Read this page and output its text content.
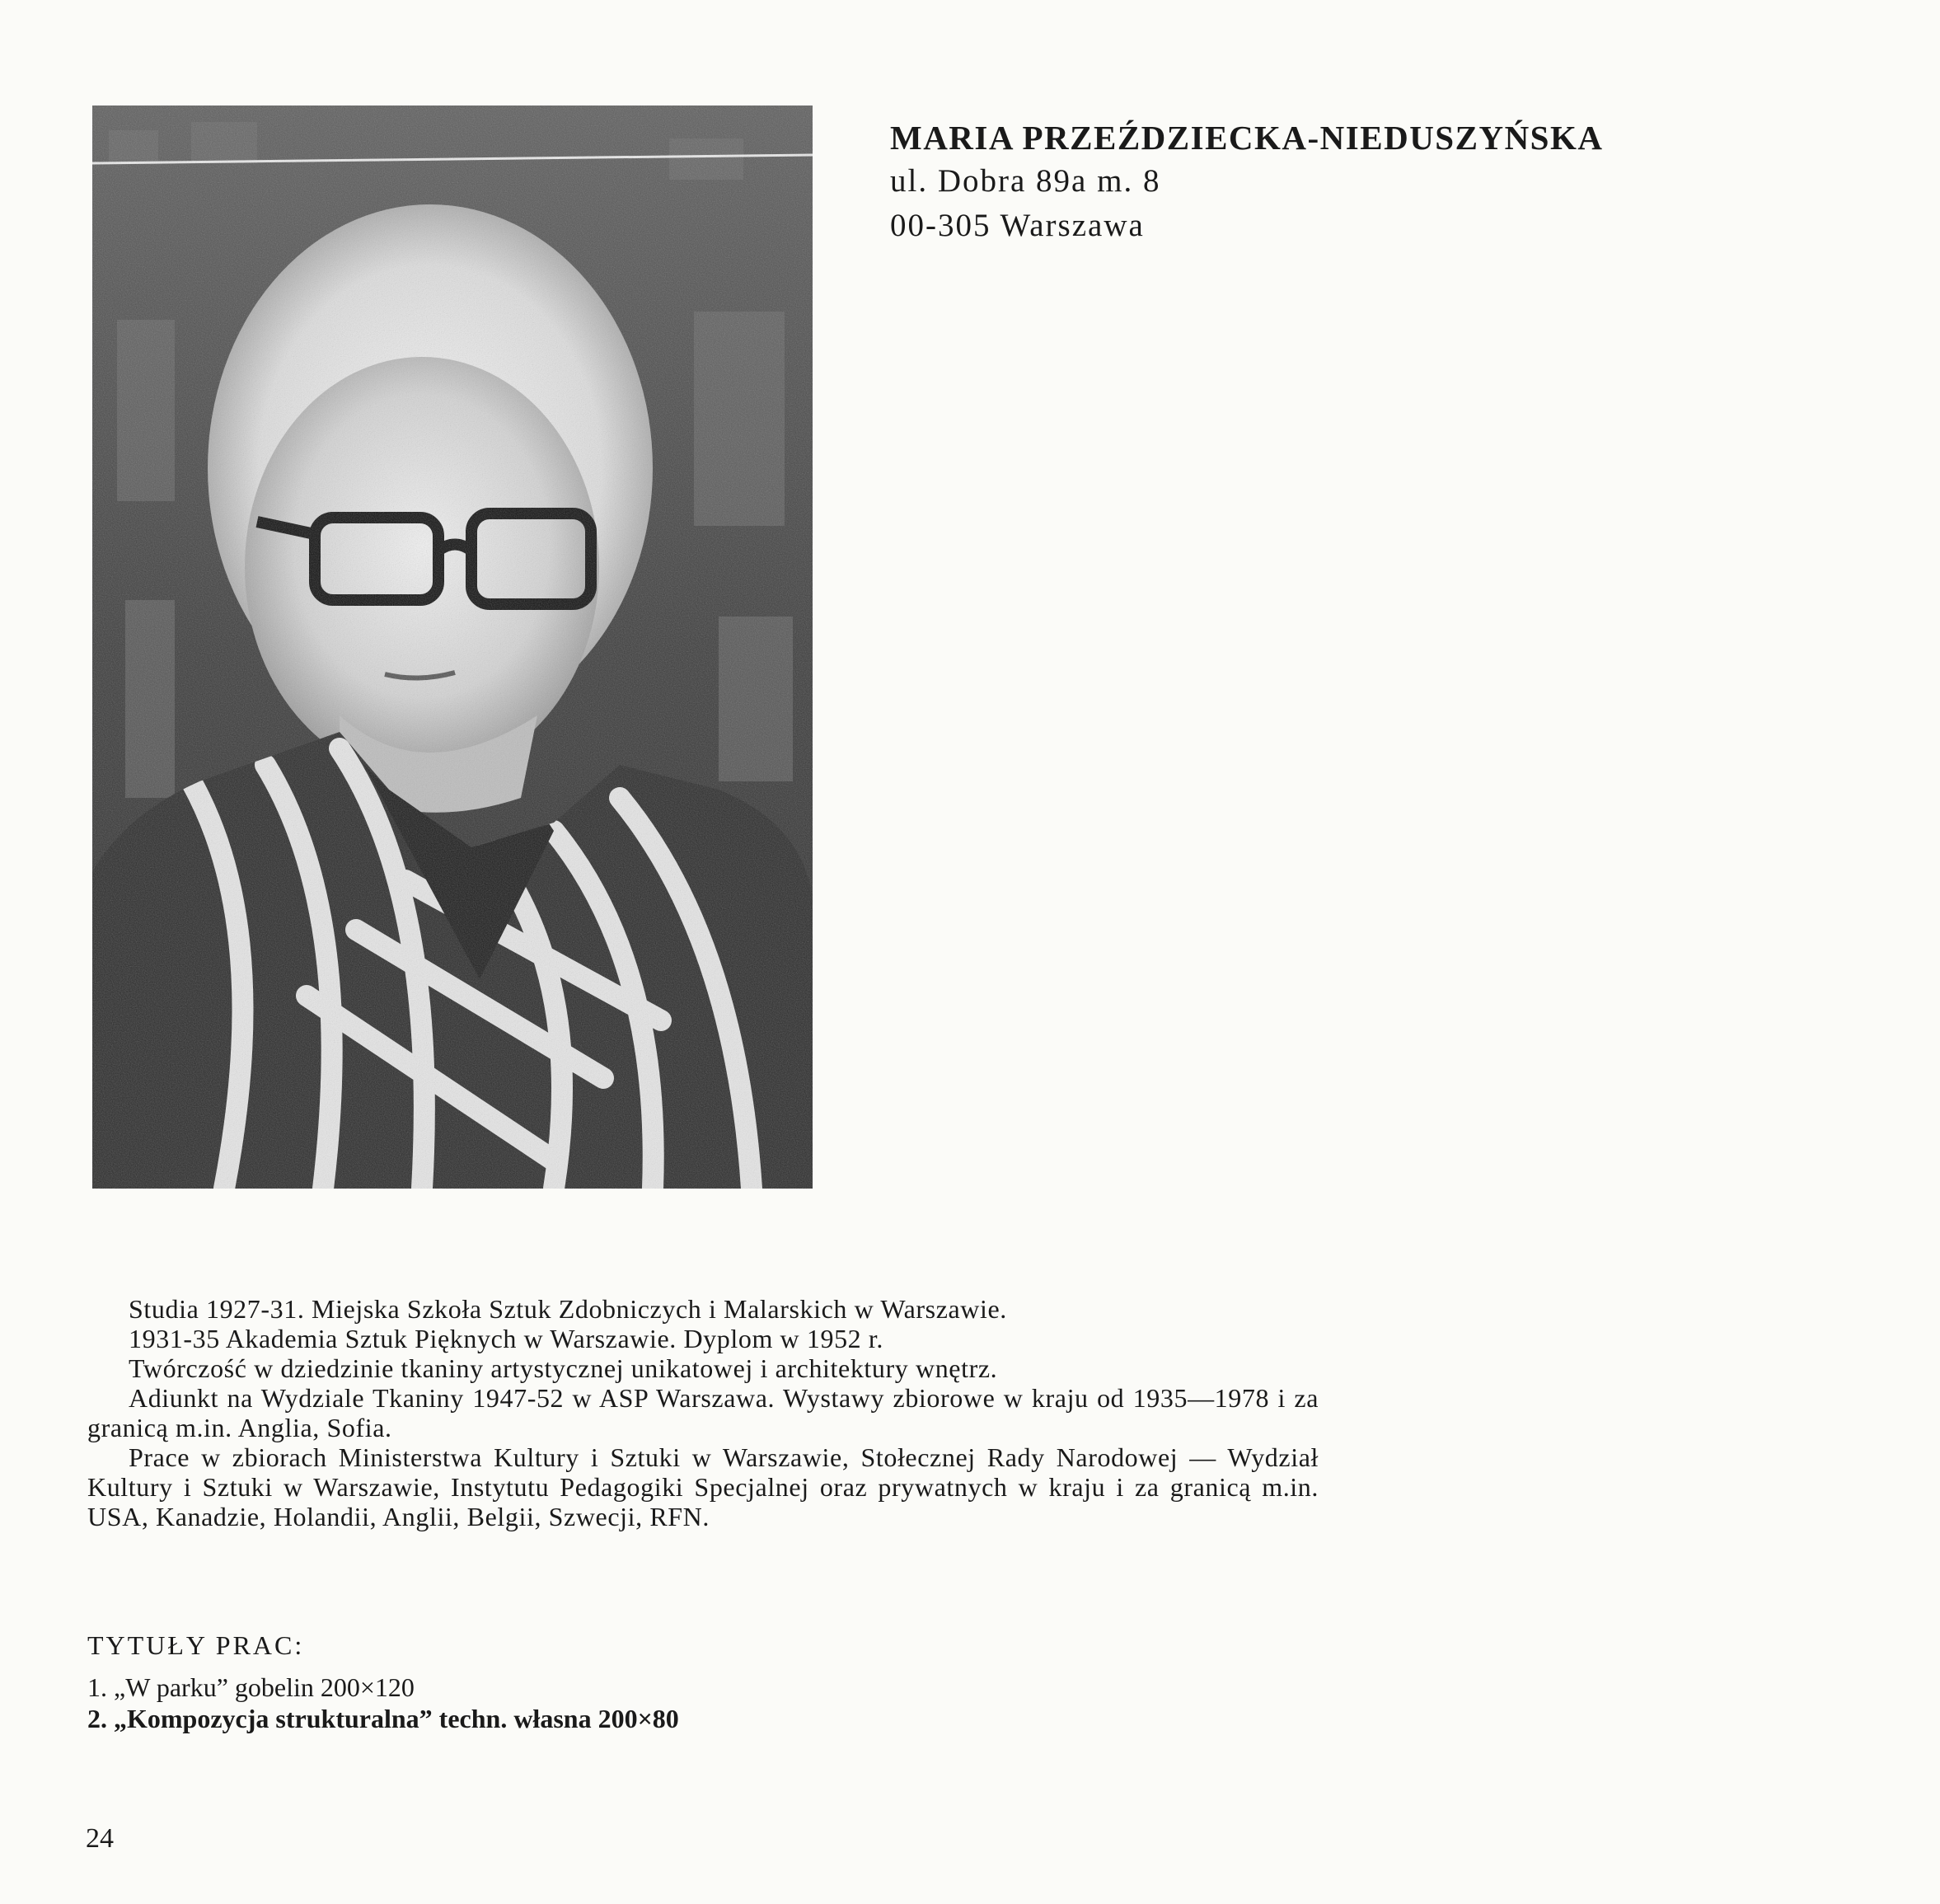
MARIA PRZEŹDZIECKA-NIEDUSZYŃSKA
ul. Dobra 89a m. 8
00-305 Warszawa

Studia 1927-31. Miejska Szkoła Sztuk Zdobniczych i Malarskich w Warszawie.

1931-35 Akademia Sztuk Pięknych w Warszawie. Dyplom w 1952 r.

Twórczość w dziedzinie tkaniny artystycznej unikatowej i architektury wnętrz.

Adiunkt na Wydziale Tkaniny 1947-52 w ASP Warszawa. Wystawy zbiorowe w kraju od 1935—1978 i za granicą m.in. Anglia, Sofia.

Prace w zbiorach Ministerstwa Kultury i Sztuki w Warszawie, Stołecznej Rady Narodowej — Wydział Kultury i Sztuki w Warszawie, Instytutu Pedagogiki Specjalnej oraz prywatnych w kraju i za granicą m.in. USA, Kanadzie, Holandii, Anglii, Belgii, Szwecji, RFN.

TYTUŁY PRAC:
1. „W parku” gobelin 200×120
2. „Kompozycja strukturalna” techn. własna 200×80
24
